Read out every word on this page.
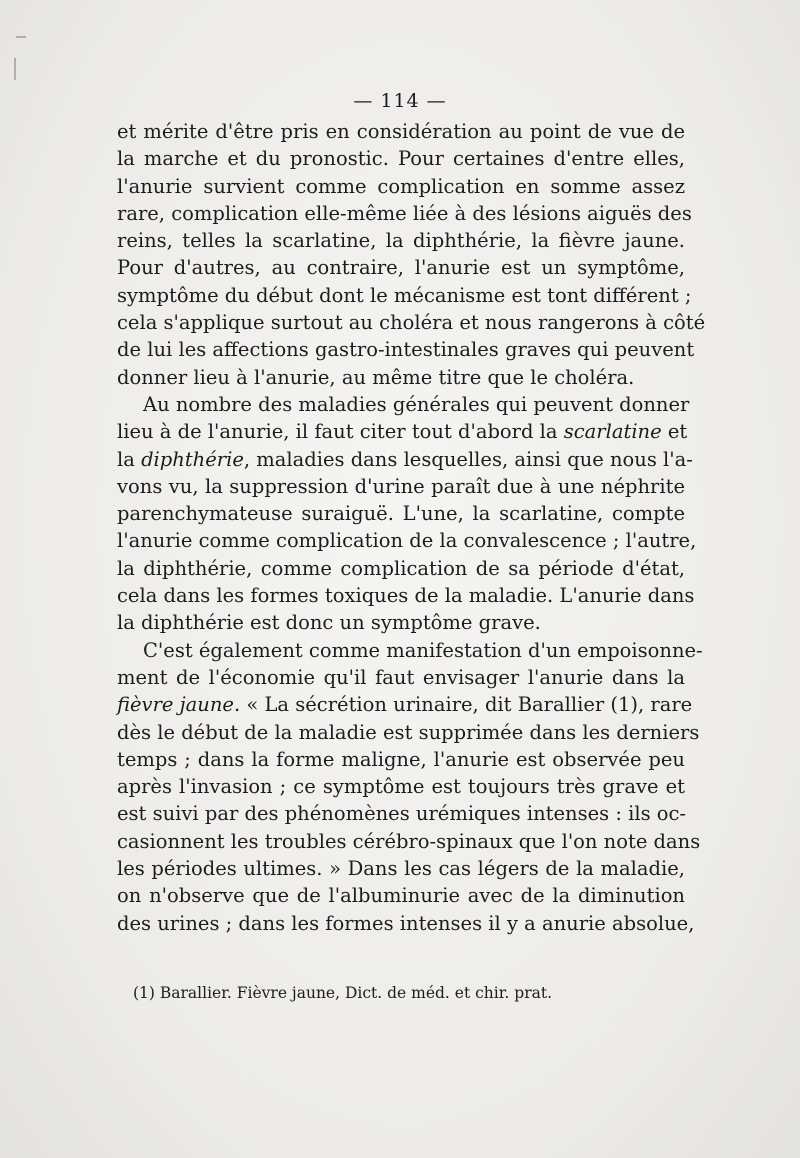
— 114 —
et mérite d'être pris en considération au point de vue de
la marche et du pronostic. Pour certaines d'entre elles,
l'anurie survient comme complication en somme assez
rare, complication elle-même liée à des lésions aiguës des
reins, telles la scarlatine, la diphthérie, la fièvre jaune.
Pour d'autres, au contraire, l'anurie est un symptôme,
symptôme du début dont le mécanisme est tont différent ;
cela s'applique surtout au choléra et nous rangerons à côté
de lui les affections gastro-intestinales graves qui peuvent
donner lieu à l'anurie, au même titre que le choléra.
Au nombre des maladies générales qui peuvent donner
lieu à de l'anurie, il faut citer tout d'abord la scarlatine et
la diphthérie, maladies dans lesquelles, ainsi que nous l'a-
vons vu, la suppression d'urine paraît due à une néphrite
parenchymateuse suraiguë. L'une, la scarlatine, compte
l'anurie comme complication de la convalescence ; l'autre,
la diphthérie, comme complication de sa période d'état,
cela dans les formes toxiques de la maladie. L'anurie dans
la diphthérie est donc un symptôme grave.
C'est également comme manifestation d'un empoisonne-
ment de l'économie qu'il faut envisager l'anurie dans la
fièvre jaune. « La sécrétion urinaire, dit Barallier (1), rare
dès le début de la maladie est supprimée dans les derniers
temps ; dans la forme maligne, l'anurie est observée peu
après l'invasion ; ce symptôme est toujours très grave et
est suivi par des phénomènes urémiques intenses : ils oc-
casionnent les troubles cérébro-spinaux que l'on note dans
les périodes ultimes. » Dans les cas légers de la maladie,
on n'observe que de l'albuminurie avec de la diminution
des urines ; dans les formes intenses il y a anurie absolue,
(1) Barallier. Fièvre jaune, Dict. de méd. et chir. prat.
